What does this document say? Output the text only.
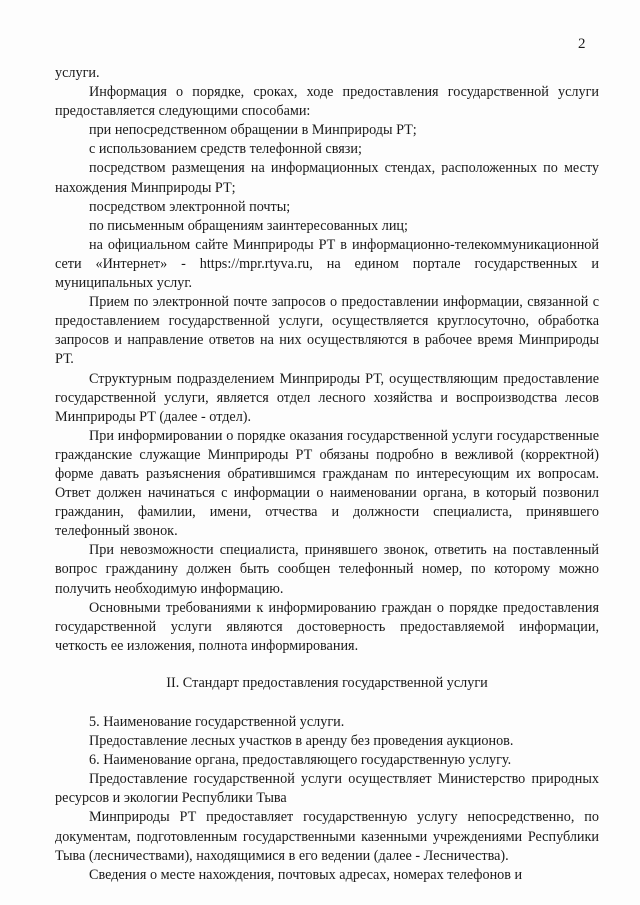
2

услуги.

Информация о порядке, сроках, ходе предоставления государственной услуги предоставляется следующими способами:

при непосредственном обращении в Минприроды РТ;

с использованием средств телефонной связи;

посредством размещения на информационных стендах, расположенных по месту нахождения Минприроды РТ;

посредством электронной почты;

по письменным обращениям заинтересованных лиц;

на официальном сайте Минприроды РТ в информационно-телекоммуникационной сети «Интернет» - https://mpr.rtyva.ru, на едином портале государственных и муниципальных услуг.

Прием по электронной почте запросов о предоставлении информации, связанной с предоставлением государственной услуги, осуществляется круглосуточно, обработка запросов и направление ответов на них осуществляются в рабочее время Минприроды РТ.

Структурным подразделением Минприроды РТ, осуществляющим предоставление государственной услуги, является отдел лесного хозяйства и воспроизводства лесов Минприроды РТ (далее - отдел).

При информировании о порядке оказания государственной услуги государственные гражданские служащие Минприроды РТ обязаны подробно в вежливой (корректной) форме давать разъяснения обратившимся гражданам по интересующим их вопросам. Ответ должен начинаться с информации о наименовании органа, в который позвонил гражданин, фамилии, имени, отчества и должности специалиста, принявшего телефонный звонок.

При невозможности специалиста, принявшего звонок, ответить на поставленный вопрос гражданину должен быть сообщен телефонный номер, по которому можно получить необходимую информацию.

Основными требованиями к информированию граждан о порядке предоставления государственной услуги являются достоверность предоставляемой информации, четкость ее изложения, полнота информирования.

II. Стандарт предоставления государственной услуги

5. Наименование государственной услуги.

Предоставление лесных участков в аренду без проведения аукционов.

6. Наименование органа, предоставляющего государственную услугу.

Предоставление государственной услуги осуществляет Министерство природных ресурсов и экологии Республики Тыва

Минприроды РТ предоставляет государственную услугу непосредственно, по документам, подготовленным государственными казенными учреждениями Республики Тыва (лесничествами), находящимися в его ведении (далее - Лесничества).

Сведения о месте нахождения, почтовых адресах, номерах телефонов и
